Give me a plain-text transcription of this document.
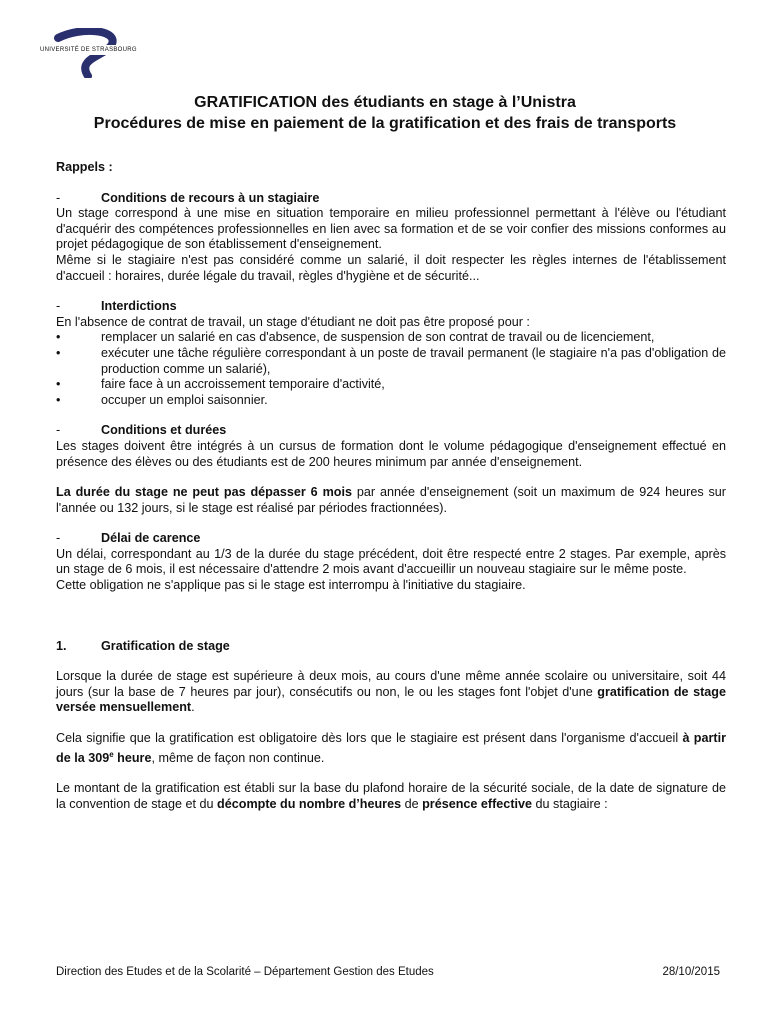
UNIVERSITÉ DE STRASBOURG
GRATIFICATION des étudiants en stage à l’Unistra
Procédures de mise en paiement de la gratification et des frais de transports

Rappels :

-	Conditions de recours à un stagiaire

Un stage correspond à une mise en situation temporaire en milieu professionnel permettant à l'élève ou l'étudiant d'acquérir des compétences professionnelles en lien avec sa formation et de se voir confier des missions conformes au projet pédagogique de son établissement d'enseignement.

Même si le stagiaire n'est pas considéré comme un salarié, il doit respecter les règles internes de l'établissement d'accueil : horaires, durée légale du travail, règles d'hygiène et de sécurité...

-	Interdictions

En l'absence de contrat de travail, un stage d'étudiant ne doit pas être proposé pour :

•	remplacer un salarié en cas d'absence, de suspension de son contrat de travail ou de licenciement,
•	exécuter une tâche régulière correspondant à un poste de travail permanent (le stagiaire n'a pas d'obligation de production comme un salarié),
•	faire face à un accroissement temporaire d'activité,
•	occuper un emploi saisonnier.
-	Conditions et durées

Les stages doivent être intégrés à un cursus de formation dont le volume pédagogique d'enseignement effectué en présence des élèves ou des étudiants est de 200 heures minimum par année d'enseignement.

La durée du stage ne peut pas dépasser 6 mois par année d'enseignement (soit un maximum de 924 heures sur l'année ou 132 jours, si le stage est réalisé par périodes fractionnées).

-	Délai de carence

Un délai, correspondant au 1/3 de la durée du stage précédent, doit être respecté entre 2 stages. Par exemple, après un stage de 6 mois, il est nécessaire d'attendre 2 mois avant d'accueillir un nouveau stagiaire sur le même poste.

Cette obligation ne s'applique pas si le stage est interrompu à l'initiative du stagiaire.

1.	Gratification de stage

Lorsque la durée de stage est supérieure à deux mois, au cours d'une même année scolaire ou universitaire, soit 44 jours (sur la base de 7 heures par jour), consécutifs ou non, le ou les stages font l'objet d'une gratification de stage versée mensuellement.

Cela signifie que la gratification est obligatoire dès lors que le stagiaire est présent dans l'organisme d'accueil à partir de la 309e heure, même de façon non continue.

Le montant de la gratification est établi sur la base du plafond horaire de la sécurité sociale, de la date de signature de la convention de stage et du décompte du nombre d’heures de présence effective du stagiaire :

Direction des Etudes et de la Scolarité – Département Gestion des Etudes	28/10/2015
